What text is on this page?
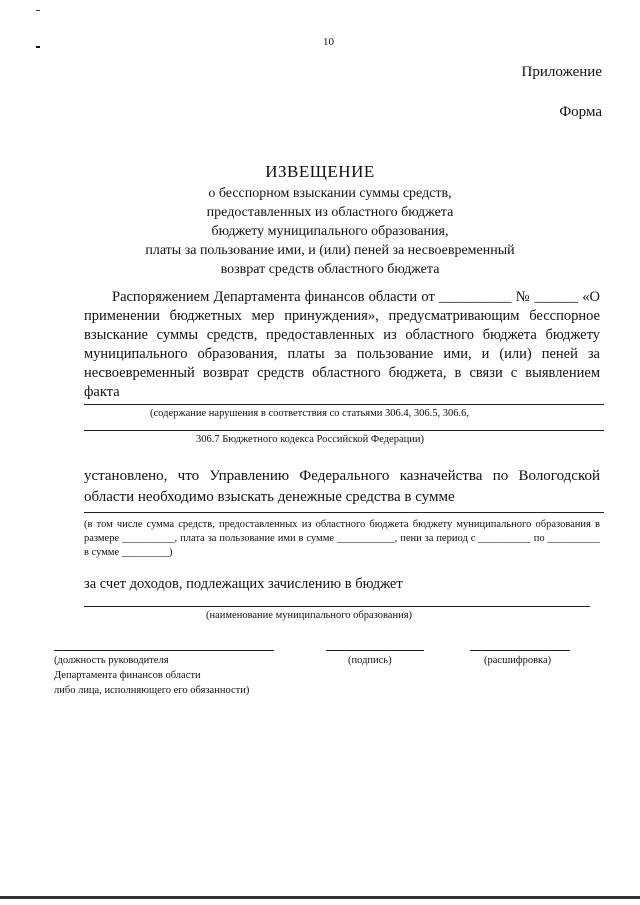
10
Приложение
Форма
ИЗВЕЩЕНИЕ
о бесспорном взыскании суммы средств,
предоставленных из областного бюджета
бюджету муниципального образования,
платы за пользование ими, и (или) пеней за несвоевременный
возврат средств областного бюджета
Распоряжением Департамента финансов области от __________ № ______ «О применении бюджетных мер принуждения», предусматривающим бесспорное взыскание суммы средств, предоставленных из областного бюджета бюджету муниципального образования, платы за пользование ими, и (или) пеней за несвоевременный возврат средств областного бюджета, в связи с выявлением факта
(содержание нарушения в соответствия со статьями 306.4, 306.5, 306.6,
306.7 Бюджетного кодекса Российской Федерации)
установлено, что Управлению Федерального казначейства по Вологодской области необходимо взыскать денежные средства в сумме
(в том числе сумма средств, предоставленных из областного бюджета бюджету муниципального образования в размере __________, плата за пользование ими в сумме ___________, пени за период с __________ по __________ в сумме _________)
за счет доходов, подлежащих зачислению в бюджет
(наименование муниципального образования)
(должность руководителя
Департамента финансов области
либо лица, исполняющего его обязанности)
(подпись)	(расшифровка)
